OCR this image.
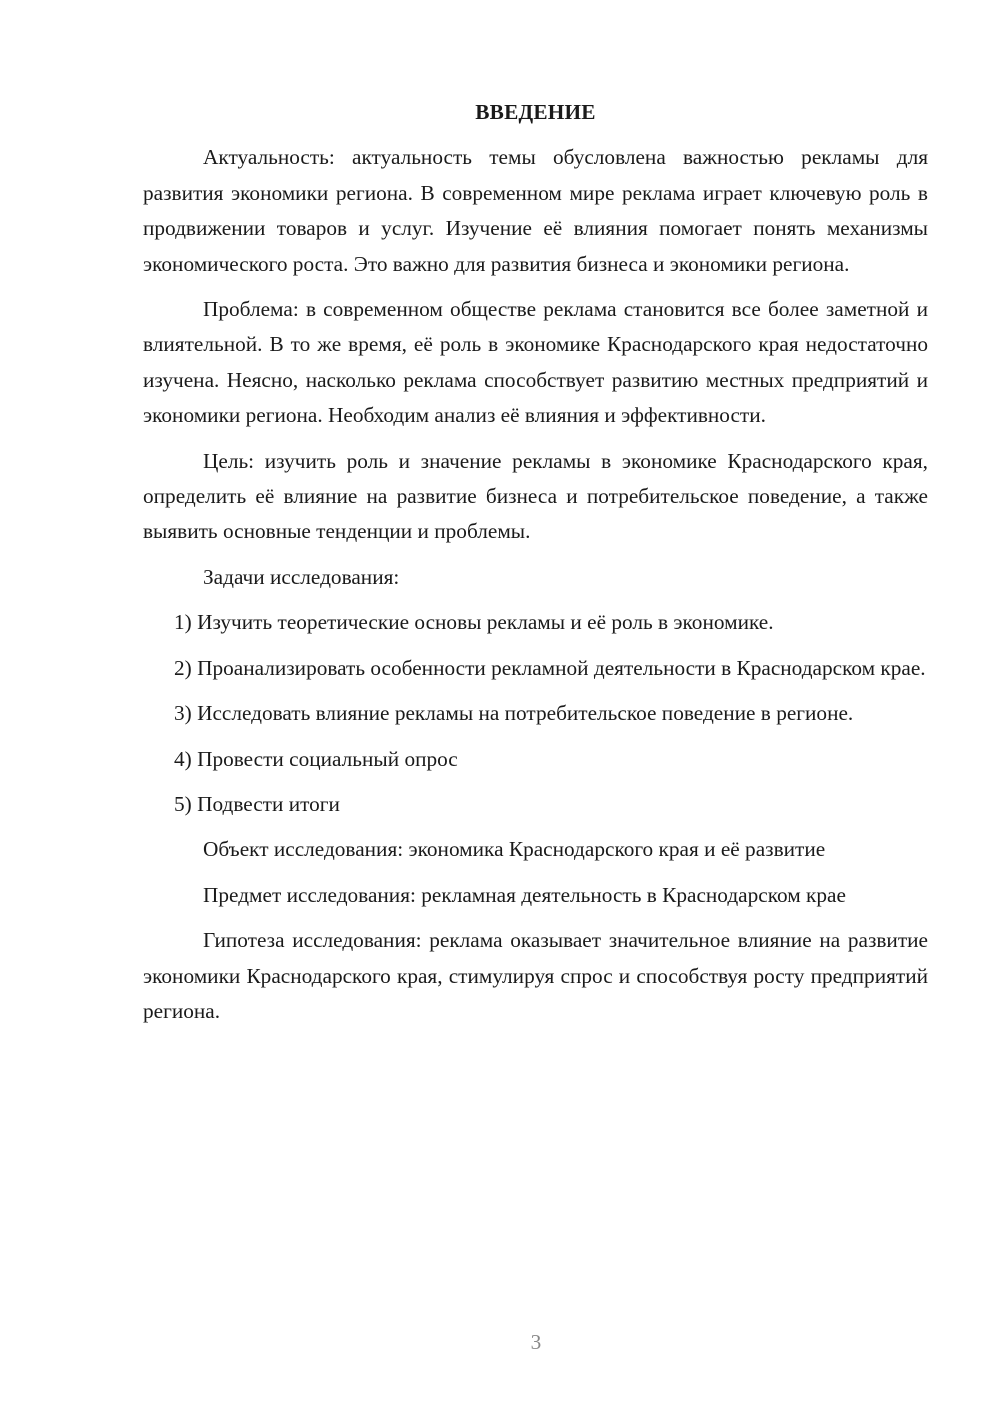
ВВЕДЕНИЕ

Актуальность: актуальность темы обусловлена важностью рекламы для развития экономики региона. В современном мире реклама играет ключевую роль в продвижении товаров и услуг. Изучение её влияния помогает понять механизмы экономического роста. Это важно для развития бизнеса и экономики региона.

Проблема: в современном обществе реклама становится все более заметной и влиятельной. В то же время, её роль в экономике Краснодарского края недостаточно изучена. Неясно, насколько реклама способствует развитию местных предприятий и экономики региона. Необходим анализ её влияния и эффективности.

Цель: изучить роль и значение рекламы в экономике Краснодарского края, определить её влияние на развитие бизнеса и потребительское поведение, а также выявить основные тенденции и проблемы.

Задачи исследования:

1) Изучить теоретические основы рекламы и её роль в экономике.

2) Проанализировать особенности рекламной деятельности в Краснодарском крае.

3) Исследовать влияние рекламы на потребительское поведение в регионе.

4) Провести социальный опрос

5) Подвести итоги

Объект исследования: экономика Краснодарского края и её развитие

Предмет исследования: рекламная деятельность в Краснодарском крае

Гипотеза исследования: реклама оказывает значительное влияние на развитие экономики Краснодарского края, стимулируя спрос и способствуя росту предприятий региона.

3
